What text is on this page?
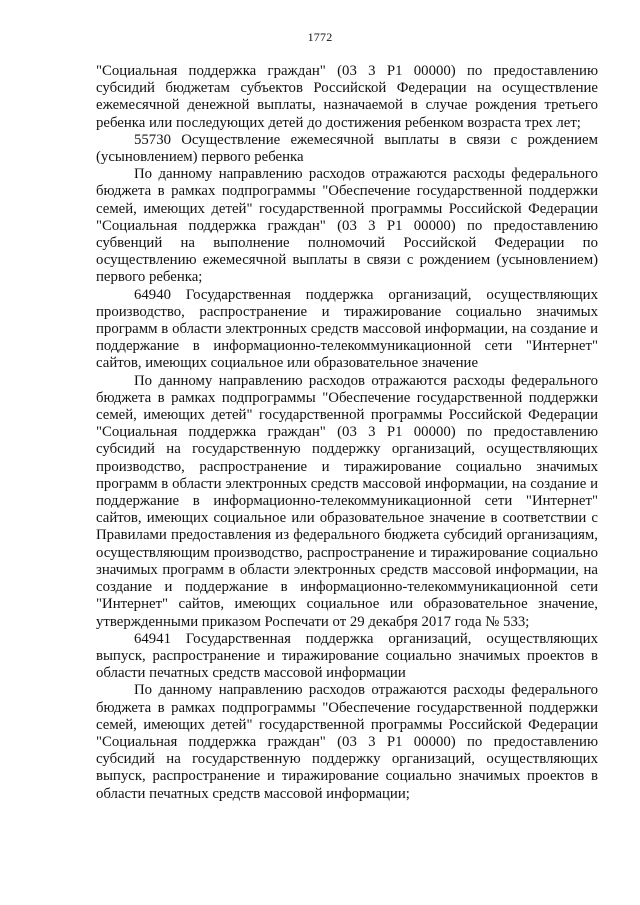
1772

"Социальная поддержка граждан" (03 3 Р1 00000) по предоставлению субсидий бюджетам субъектов Российской Федерации на осуществление ежемесячной денежной выплаты, назначаемой в случае рождения третьего ребенка или последующих детей до достижения ребенком возраста трех лет;

55730 Осуществление ежемесячной выплаты в связи с рождением (усыновлением) первого ребенка

По данному направлению расходов отражаются расходы федерального бюджета в рамках подпрограммы "Обеспечение государственной поддержки семей, имеющих детей" государственной программы Российской Федерации "Социальная поддержка граждан" (03 3 Р1 00000) по предоставлению субвенций на выполнение полномочий Российской Федерации по осуществлению ежемесячной выплаты в связи с рождением (усыновлением) первого ребенка;

64940 Государственная поддержка организаций, осуществляющих производство, распространение и тиражирование социально значимых программ в области электронных средств массовой информации, на создание и поддержание в информационно-телекоммуникационной сети "Интернет" сайтов, имеющих социальное или образовательное значение

По данному направлению расходов отражаются расходы федерального бюджета в рамках подпрограммы "Обеспечение государственной поддержки семей, имеющих детей" государственной программы Российской Федерации "Социальная поддержка граждан" (03 3 Р1 00000) по предоставлению субсидий на государственную поддержку организаций, осуществляющих производство, распространение и тиражирование социально значимых программ в области электронных средств массовой информации, на создание и поддержание в информационно-телекоммуникационной сети "Интернет" сайтов, имеющих социальное или образовательное значение в соответствии с Правилами предоставления из федерального бюджета субсидий организациям, осуществляющим производство, распространение и тиражирование социально значимых программ в области электронных средств массовой информации, на создание и поддержание в информационно-телекоммуникационной сети "Интернет" сайтов, имеющих социальное или образовательное значение, утвержденными приказом Роспечати от 29 декабря 2017 года № 533;

64941 Государственная поддержка организаций, осуществляющих выпуск, распространение и тиражирование социально значимых проектов в области печатных средств массовой информации

По данному направлению расходов отражаются расходы федерального бюджета в рамках подпрограммы "Обеспечение государственной поддержки семей, имеющих детей" государственной программы Российской Федерации "Социальная поддержка граждан" (03 3 Р1 00000) по предоставлению субсидий на государственную поддержку организаций, осуществляющих выпуск, распространение и тиражирование социально значимых проектов в области печатных средств массовой информации;
